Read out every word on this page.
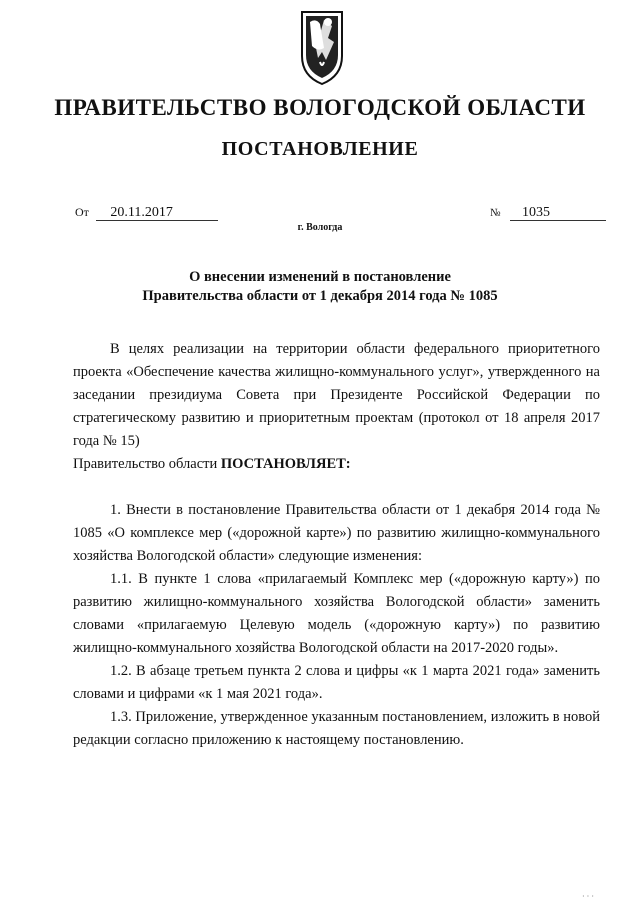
ПРАВИТЕЛЬСТВО ВОЛОГОДСКОЙ ОБЛАСТИ
ПОСТАНОВЛЕНИЕ
От 20.11.2017	№ 1035
г. Вологда
О внесении изменений в постановление
Правительства области от 1 декабря 2014 года № 1085

В целях реализации на территории области федерального приоритетного проекта «Обеспечение качества жилищно-коммунального услуг», утвержденного на заседании президиума Совета при Президенте Российской Федерации по стратегическому развитию и приоритетным проектам (протокол от 18 апреля 2017 года № 15)

Правительство области ПОСТАНОВЛЯЕТ:

1. Внести в постановление Правительства области от 1 декабря 2014 года № 1085 «О комплексе мер («дорожной карте») по развитию жилищно-коммунального хозяйства Вологодской области» следующие изменения:

1.1. В пункте 1 слова «прилагаемый Комплекс мер («дорожную карту») по развитию жилищно-коммунального хозяйства Вологодской области» заменить словами «прилагаемую Целевую модель («дорожную карту») по развитию жилищно-коммунального хозяйства Вологодской области на 2017-2020 годы».

1.2. В абзаце третьем пункта 2 слова и цифры «к 1 марта 2021 года» заменить словами и цифрами «к 1 мая 2021 года».

1.3. Приложение, утвержденное указанным постановлением, изложить в новой редакции согласно приложению к настоящему постановлению.

· · ·
